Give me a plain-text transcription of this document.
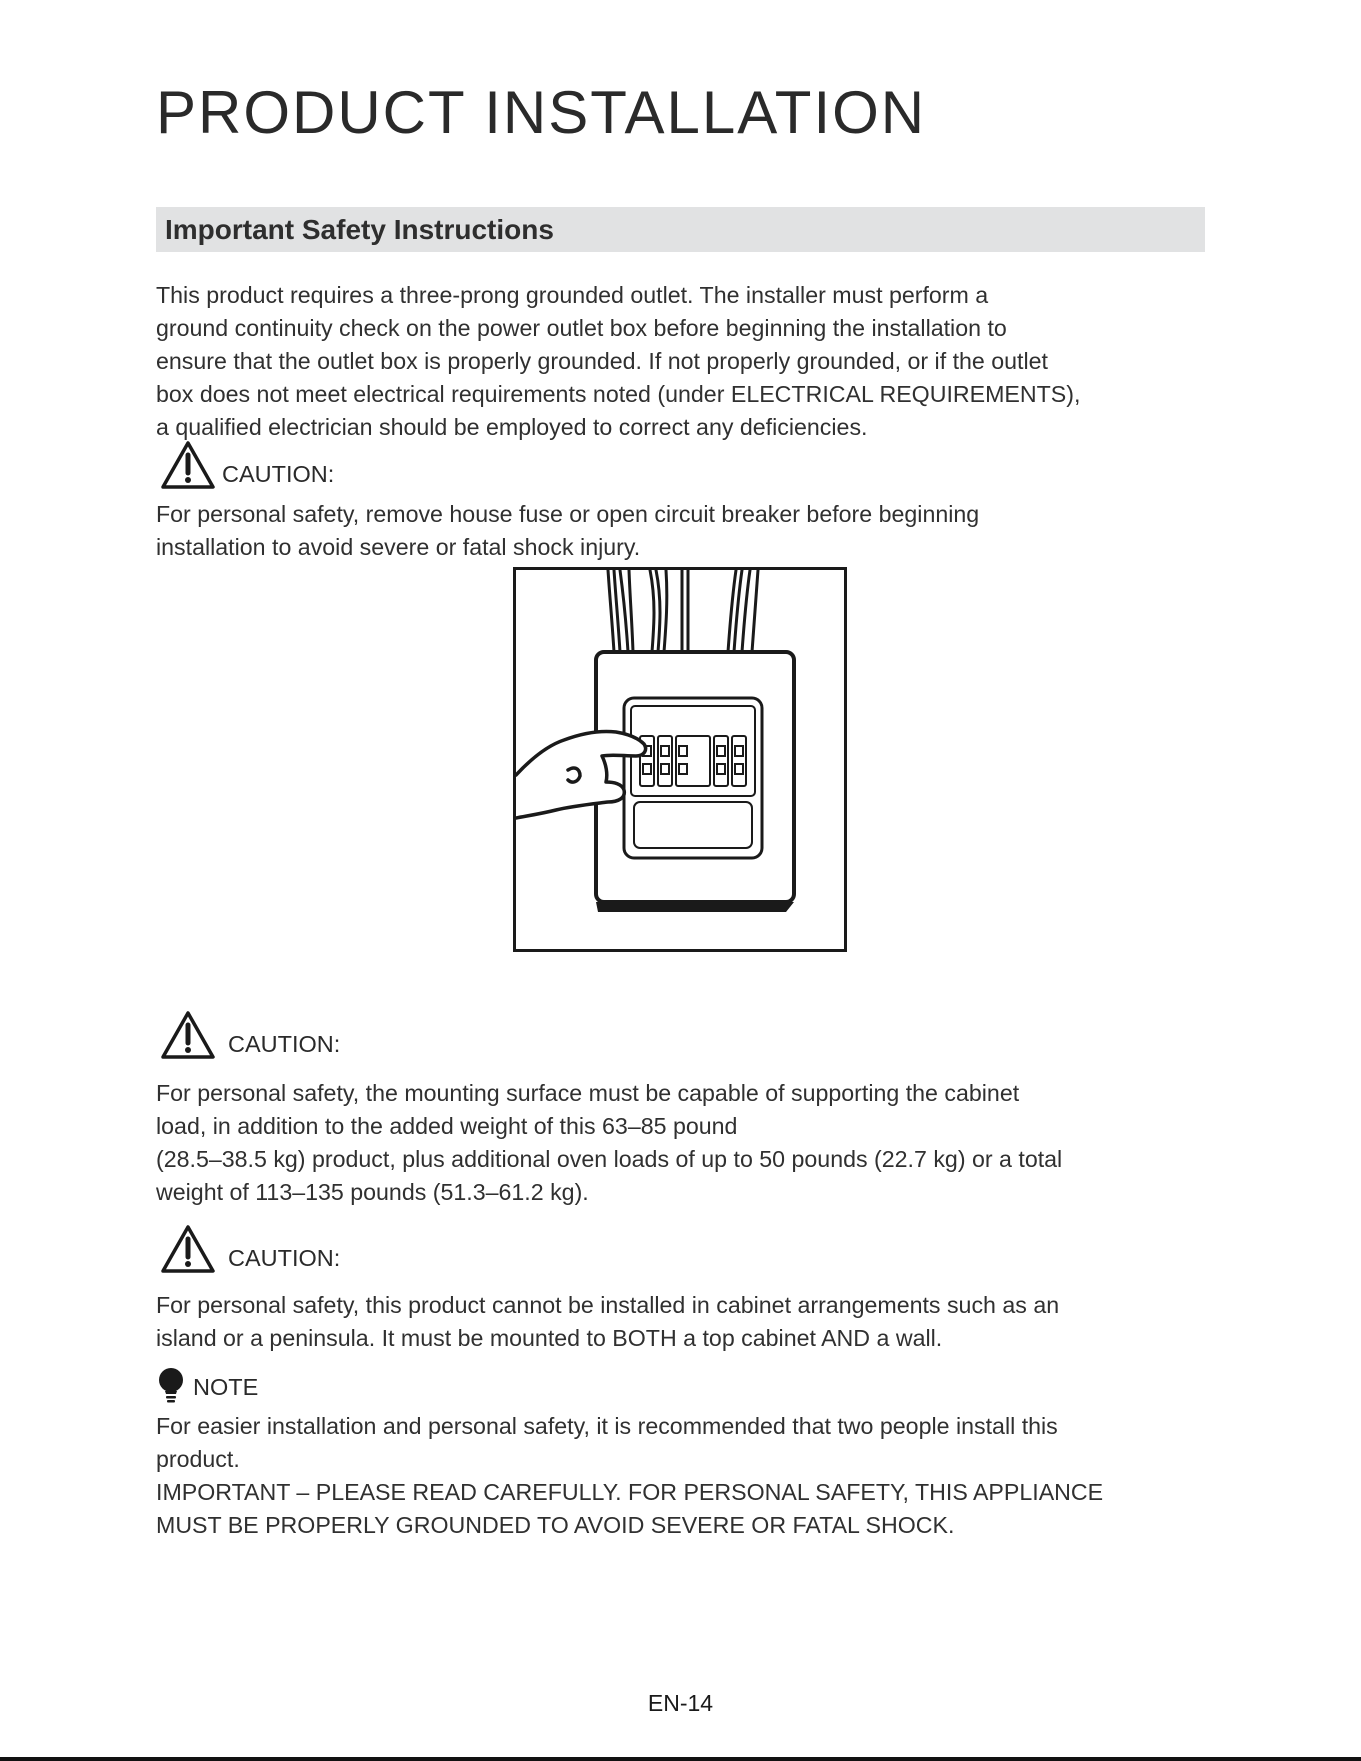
PRODUCT INSTALLATION
Important Safety Instructions

This product requires a three-prong grounded outlet. The installer must perform a
ground continuity check on the power outlet box before beginning the installation to
ensure that the outlet box is properly grounded. If not properly grounded, or if the outlet
box does not meet electrical requirements noted (under ELECTRICAL REQUIREMENTS),
a qualified electrician should be employed to correct any deficiencies.

CAUTION:

For personal safety, remove house fuse or open circuit breaker before beginning
installation to avoid severe or fatal shock injury.

CAUTION:

For personal safety, the mounting surface must be capable of supporting the cabinet
load, in addition to the added weight of this 63–85 pound
(28.5–38.5 kg) product, plus additional oven loads of up to 50 pounds (22.7 kg) or a total
weight of 113–135 pounds (51.3–61.2 kg).

CAUTION:

For personal safety, this product cannot be installed in cabinet arrangements such as an
island or a peninsula. It must be mounted to BOTH a top cabinet AND a wall.

NOTE

For easier installation and personal safety, it is recommended that two people install this
product.
IMPORTANT – PLEASE READ CAREFULLY. FOR PERSONAL SAFETY, THIS APPLIANCE
MUST BE PROPERLY GROUNDED TO AVOID SEVERE OR FATAL SHOCK.

EN-14
